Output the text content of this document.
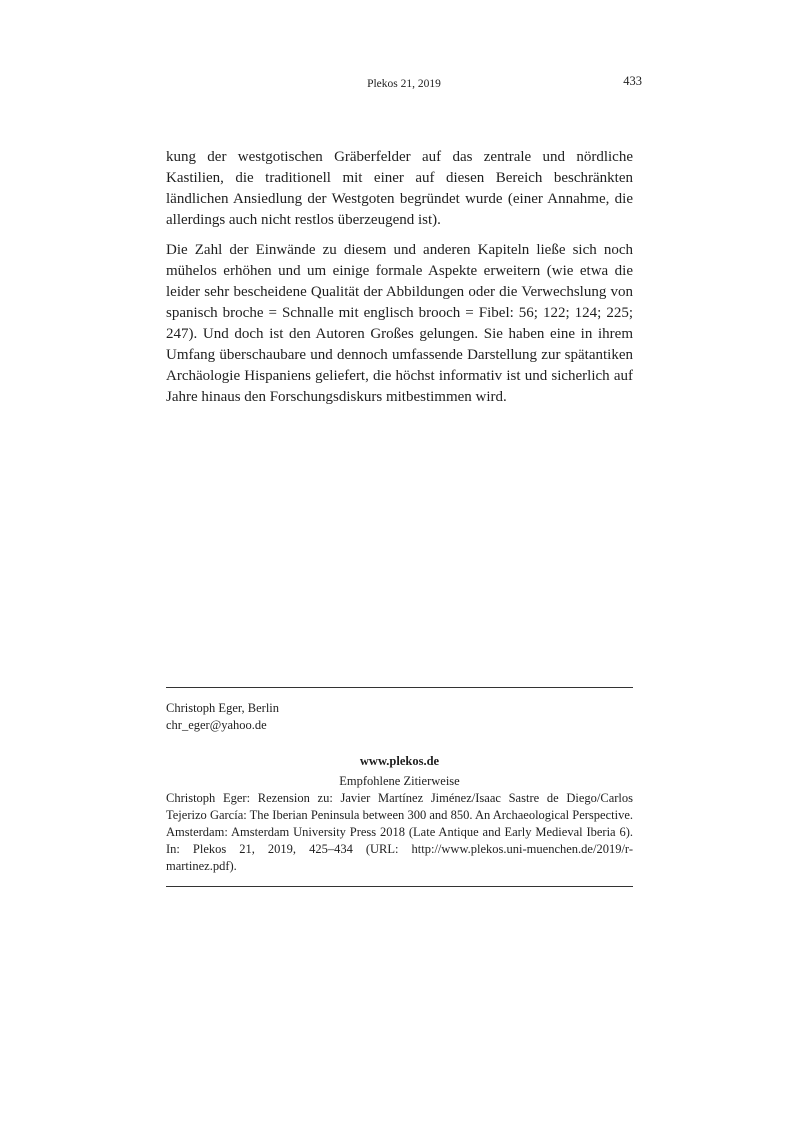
Plekos 21, 2019	433

kung der westgotischen Gräberfelder auf das zentrale und nördliche Kastilien, die traditionell mit einer auf diesen Bereich beschränkten ländlichen Ansiedlung der Westgoten begründet wurde (einer Annahme, die allerdings auch nicht restlos überzeugend ist).

Die Zahl der Einwände zu diesem und anderen Kapiteln ließe sich noch mühelos erhöhen und um einige formale Aspekte erweitern (wie etwa die leider sehr bescheidene Qualität der Abbildungen oder die Verwechslung von spanisch broche = Schnalle mit englisch brooch = Fibel: 56; 122; 124; 225; 247). Und doch ist den Autoren Großes gelungen. Sie haben eine in ihrem Umfang überschaubare und dennoch umfassende Darstellung zur spätantiken Archäologie Hispaniens geliefert, die höchst informativ ist und sicherlich auf Jahre hinaus den Forschungsdiskurs mitbestimmen wird.

Christoph Eger, Berlin
chr_eger@yahoo.de
www.plekos.de
Empfohlene Zitierweise
Christoph Eger: Rezension zu: Javier Martínez Jiménez/Isaac Sastre de Diego/Carlos Tejerizo García: The Iberian Peninsula between 300 and 850. An Archaeological Perspective. Amsterdam: Amsterdam University Press 2018 (Late Antique and Early Medieval Iberia 6). In: Plekos 21, 2019, 425–434 (URL: http://www.plekos.uni-muenchen.de/2019/r-martinez.pdf).
